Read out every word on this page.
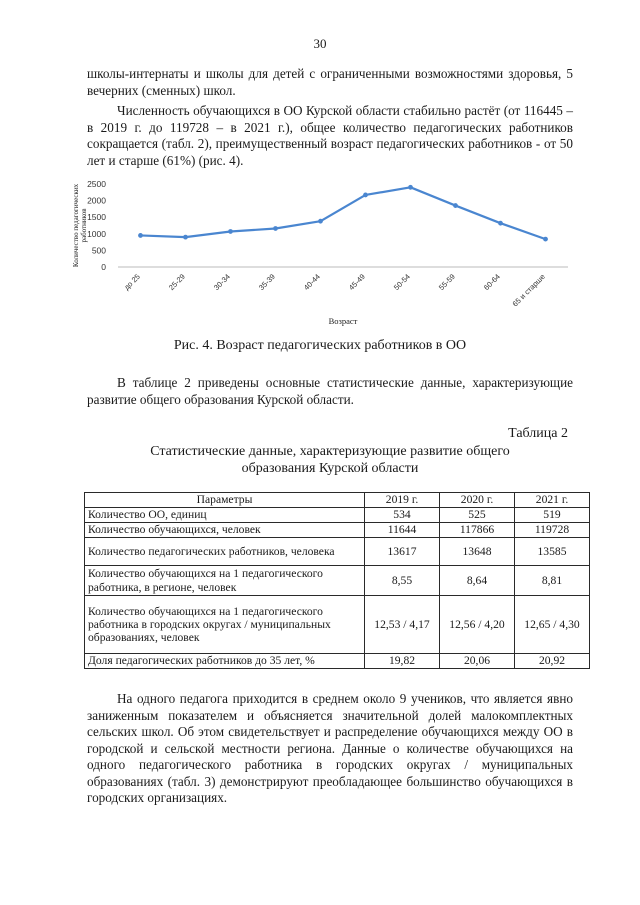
30

школы-интернаты и школы для детей с ограниченными возможностями здоровья, 5 вечерних (сменных) школ.

Численность обучающихся в ОО Курской области стабильно растёт (от 116445 – в 2019 г. до 119728 – в 2021 г.), общее количество педагогических работников сокращается (табл. 2), преимущественный возраст педагогических работников - от 50 лет и старше (61%) (рис. 4).

Количество педагогическихработников
0
500
1000
1500
2000
2500
до 25	25-29	30-34	35-39	40-44	45-49	50-54	55-59	60-64 65 и старше
Возраст
Рис. 4. Возраст педагогических работников в ОО

В таблице 2 приведены основные статистические данные, характеризующие развитие общего образования Курской области.

Таблица 2
Статистические данные, характеризующие развитие общего образования Курской области
Параметры	2019 г.	2020 г.	2021 г.
Количество ОО, единиц	534	525	519
Количество обучающихся, человек	11644	117866	119728
Количество педагогических работников, человека	13617	13648	13585
Количество обучающихся на 1 педагогического работника, в регионе, человек	8,55	8,64	8,81
Количество обучающихся на 1 педагогического работника в городских округах / муниципальных образованиях, человек	12,53 / 4,17	12,56 / 4,20	12,65 / 4,30
Доля педагогических работников до 35 лет, %	19,82	20,06	20,92

На одного педагога приходится в среднем около 9 учеников, что является явно заниженным показателем и объясняется значительной долей малокомплектных сельских школ. Об этом свидетельствует и распределение обучающихся между ОО в городской и сельской местности региона. Данные о количестве обучающихся на одного педагогического работника в городских округах / муниципальных образованиях (табл. 3) демонстрируют преобладающее большинство обучающихся в городских организациях.
